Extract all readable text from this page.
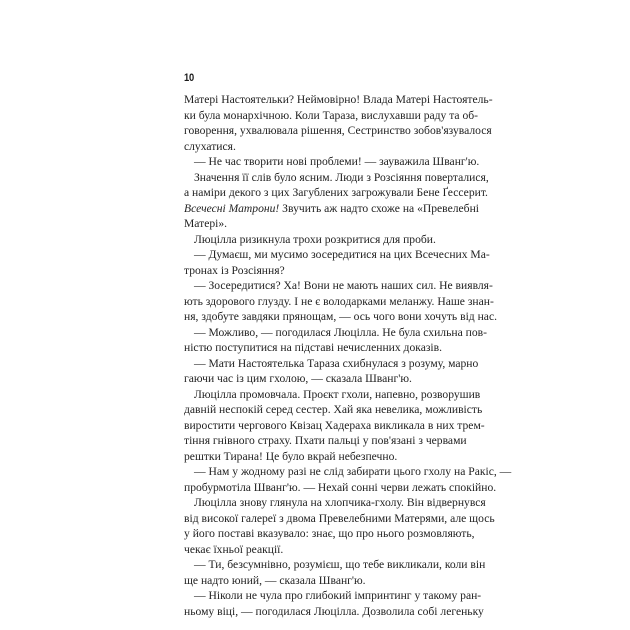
10
Матері Настоятельки? Неймовірно! Влада Матері Настоятель-
ки була монархічною. Коли Тараза, вислухавши раду та об-
говорення, ухвалювала рішення, Сестринство зобов'язувалося
слухатися.
— Не час творити нові проблеми! — зауважила Шванг'ю.
Значення її слів було ясним. Люди з Розсіяння поверталися,
а наміри декого з цих Загублених загрожували Бене Ґессерит.
Всечесні Матрони! Звучить аж надто схоже на «Превелебні
Матері».
Люцілла ризикнула трохи розкритися для проби.
— Думаєш, ми мусимо зосередитися на цих Всечесних Ма-
тронах із Розсіяння?
— Зосередитися? Ха! Вони не мають наших сил. Не виявля-
ють здорового глузду. І не є володарками меланжу. Наше знан-
ня, здобуте завдяки прянощам, — ось чого вони хочуть від нас.
— Можливо, — погодилася Люцілла. Не була схильна пов-
ністю поступитися на підставі нечисленних доказів.
— Мати Настоятелька Тараза схибнулася з розуму, марно
гаючи час із цим гхолою, — сказала Шванг'ю.
Люцілла промовчала. Проєкт гхоли, напевно, розворушив
давній неспокій серед сестер. Хай яка невелика, можливість
виростити чергового Квізац Хадераха викликала в них трем-
тіння гнівного страху. Пхати пальці у пов'язані з червами
рештки Тирана! Це було вкрай небезпечно.
— Нам у жодному разі не слід забирати цього гхолу на Ракіс, —
пробурмотіла Шванг'ю. — Нехай сонні черви лежать спокійно.
Люцілла знову глянула на хлопчика-гхолу. Він відвернувся
від високої галереї з двома Превелебними Матерями, але щось
у його поставі вказувало: знає, що про нього розмовляють,
чекає їхньої реакції.
— Ти, безсумнівно, розумієш, що тебе викликали, коли він
ще надто юний, — сказала Шванг'ю.
— Ніколи не чула про глибокий імпринтинг у такому ран-
ньому віці, — погодилася Люцілла. Дозволила собі легеньку
